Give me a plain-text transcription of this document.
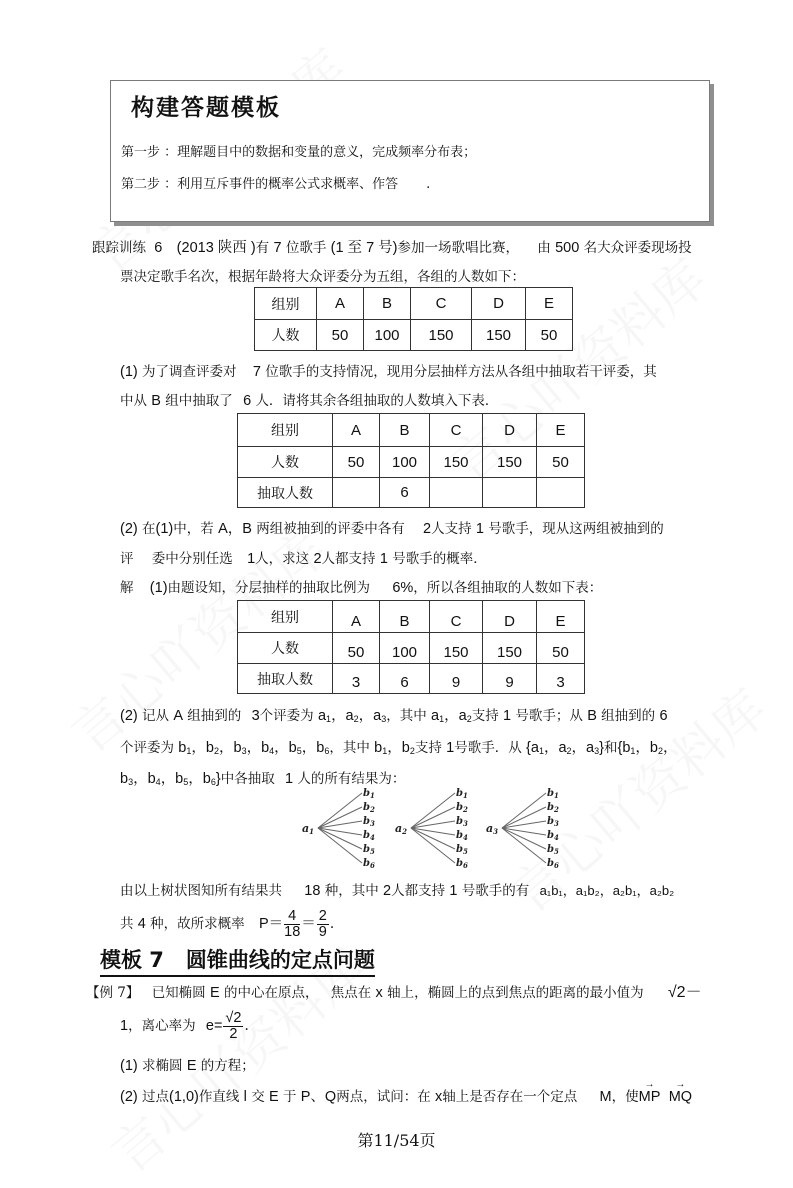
构建答题模板
第一步 ：理解题目中的数据和变量的意义，完成频率分布表；
第二步 ：利用互斥事件的概率公式求概率、作答 .
跟踪训练 6 (2013 陕西 )有 7 位歌手 (1 至 7 号)参加一场歌唱比赛， 由 500 名大众评委现场投
票决定歌手名次，根据年龄将大众评委分为五组，各组的人数如下：
组别	A	B	C	D	E
人数	50	100	150	150	50
(1) 为了调查评委对 7 位歌手的支持情况，现用分层抽样方法从各组中抽取若干评委，其
中从 B 组中抽取了 6 人．请将其余各组抽取的人数填入下表．
组别	A	B	C	D	E
人数	50	100	150	150	50
抽取人数		6			
(2) 在(1)中，若 A，B 两组被抽到的评委中各有 2人支持 1 号歌手，现从这两组被抽到的
评 委中分别任选 1人，求这 2人都支持 1 号歌手的概率．
解 (1)由题设知，分层抽样的抽取比例为 6%，所以各组抽取的人数如下表：
组别	A	B	C	D	E
人数	50	100	150	150	50
抽取人数	3	6	9	9	3
(2) 记从 A 组抽到的 3个评委为 $a_1$，$a_2$，$a_3$，其中 $a_1$，$a_2$支持 1 号歌手；从 B 组抽到的 6
个评委为 $b_1$，$b_2$，$b_3$，$b_4$，$b_5$，$b_6$，其中 $b_1$，$b_2$支持 1号歌手．从 {$a_1$，$a_2$，$a_3$}和{$b_1$，$b_2$，
$b_3$，$b_4$，$b_5$，$b_6$}中各抽取 1 人的所有结果为：
a1	a2	a3
$b_1$
$b_2$
$b_3$
$b_4$
$b_5$
$b_6$
$b_1$
$b_2$
$b_3$
$b_4$
$b_5$
$b_6$
$b_1$
$b_2$
$b_3$
$b_4$
$b_5$
$b_6$
由以上树状图知所有结果共 18 种，其中 2人都支持 1 号歌手的有 a₁b₁，a₁b₂，a₂b₁，a₂b₂
共 4 种，故所求概率 $P= \frac{4}{18} = \frac{2}{9}$ .
模板 7   圆锥曲线的定点问题
【例 7】 已知椭圆 E 的中心在原点， 焦点在 x 轴上，椭圆上的点到焦点的距离的最小值为 √2－
1，离心率为 $e= \frac{√2}{2}$ .
(1) 求椭圆 E 的方程；
(2) 过点(1,0)作直线 l 交 E 于 P、Q两点，试问：在 x轴上是否存在一个定点 M，使→ MP → MQ
第11/54页
